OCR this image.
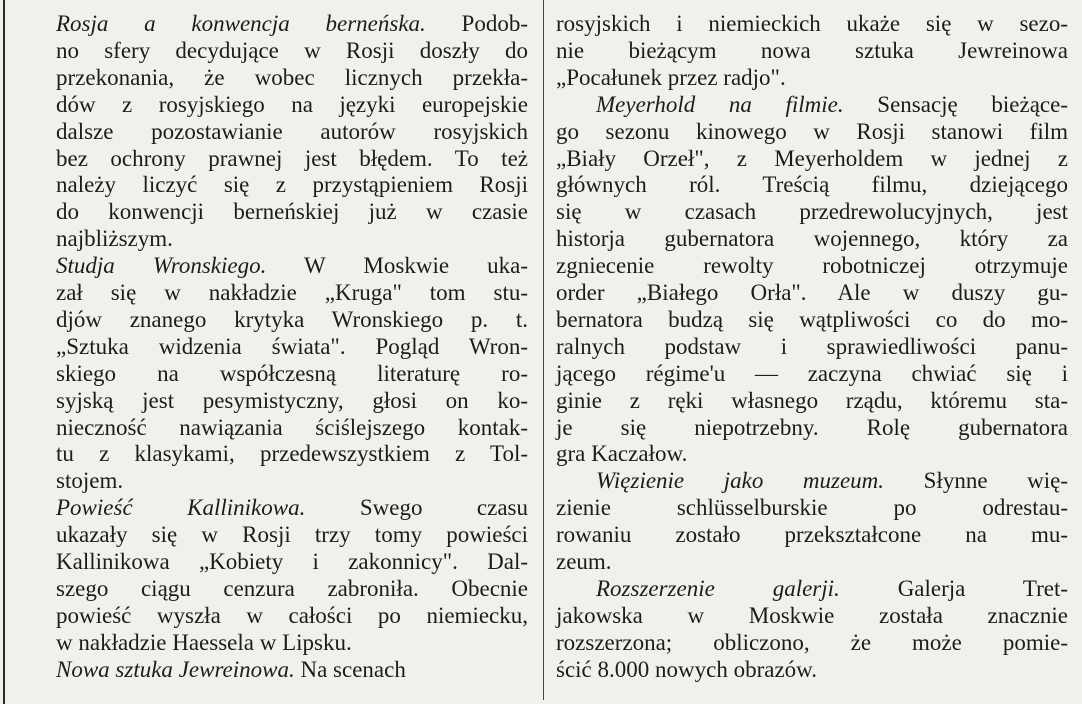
Rosja a konwencja berneńska. Podob-
no sfery decydujące w Rosji doszły do
przekonania, że wobec licznych przekła-
dów z rosyjskiego na języki europejskie
dalsze pozostawianie autorów rosyjskich
bez ochrony prawnej jest błędem. To też
należy liczyć się z przystąpieniem Rosji
do konwencji berneńskiej już w czasie
najbliższym.
Studja Wronskiego. W Moskwie uka-
zał się w nakładzie „Kruga" tom stu-
djów znanego krytyka Wronskiego p. t.
„Sztuka widzenia świata". Pogląd Wron-
skiego na współczesną literaturę ro-
syjską jest pesymistyczny, głosi on ko-
nieczność nawiązania ściślejszego kontak-
tu z klasykami, przedewszystkiem z Tol-
stojem.
Powieść Kallinikowa. Swego czasu
ukazały się w Rosji trzy tomy powieści
Kallinikowa „Kobiety i zakonnicy". Dal-
szego ciągu cenzura zabroniła. Obecnie
powieść wyszła w całości po niemiecku,
w nakładzie Haessela w Lipsku.
Nowa sztuka Jewreinowa. Na scenach
rosyjskich i niemieckich ukaże się w sezo-
nie bieżącym nowa sztuka Jewreinowa
„Pocałunek przez radjo".
Meyerhold na filmie. Sensację bieżące-
go sezonu kinowego w Rosji stanowi film
„Biały Orzeł", z Meyerholdem w jednej z
głównych ról. Treścią filmu, dziejącego
się w czasach przedrewolucyjnych, jest
historja gubernatora wojennego, który za
zgniecenie rewolty robotniczej otrzymuje
order „Białego Orła". Ale w duszy gu-
bernatora budzą się wątpliwości co do mo-
ralnych podstaw i sprawiedliwości panu-
jącego régime'u — zaczyna chwiać się i
ginie z ręki własnego rządu, któremu sta-
je się niepotrzebny. Rolę gubernatora
gra Kaczałow.
Więzienie jako muzeum. Słynne wię-
zienie schlüsselburskie po odrestau-
rowaniu zostało przekształcone na mu-
zeum.
Rozszerzenie galerji. Galerja Tret-
jakowska w Moskwie została znacznie
rozszerzona; obliczono, że może pomie-
ścić 8.000 nowych obrazów.
